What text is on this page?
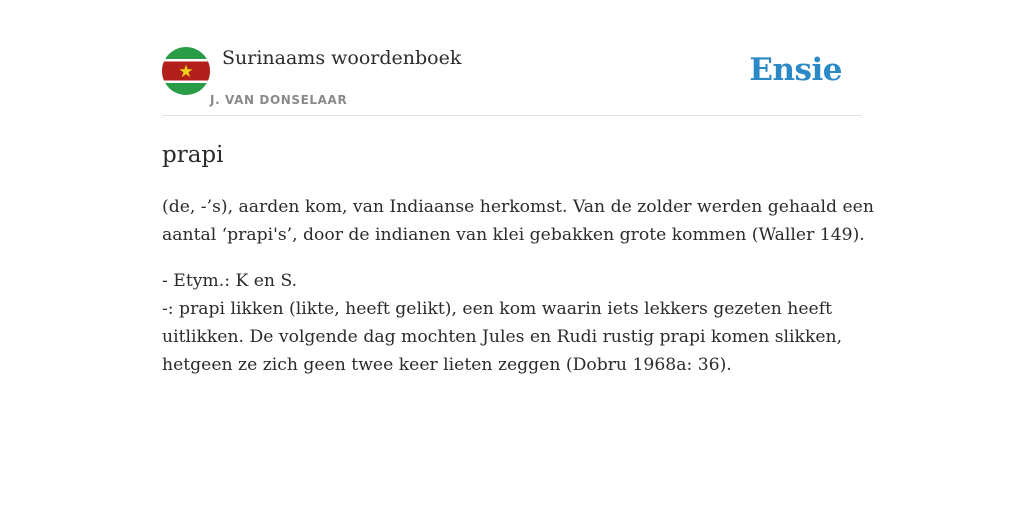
Surinaams woordenboek
J. VAN DONSELAAR
Ensie
prapi

(de, -’s), aarden kom, van Indiaanse herkomst. Van de zolder werden gehaald een
aantal ‘prapi's’, door de indianen van klei gebakken grote kommen (Waller 149).

- Etym.: K en S.
-: prapi likken (likte, heeft gelikt), een kom waarin iets lekkers gezeten heeft
uitlikken. De volgende dag mochten Jules en Rudi rustig prapi komen slikken,
hetgeen ze zich geen twee keer lieten zeggen (Dobru 1968a: 36).
